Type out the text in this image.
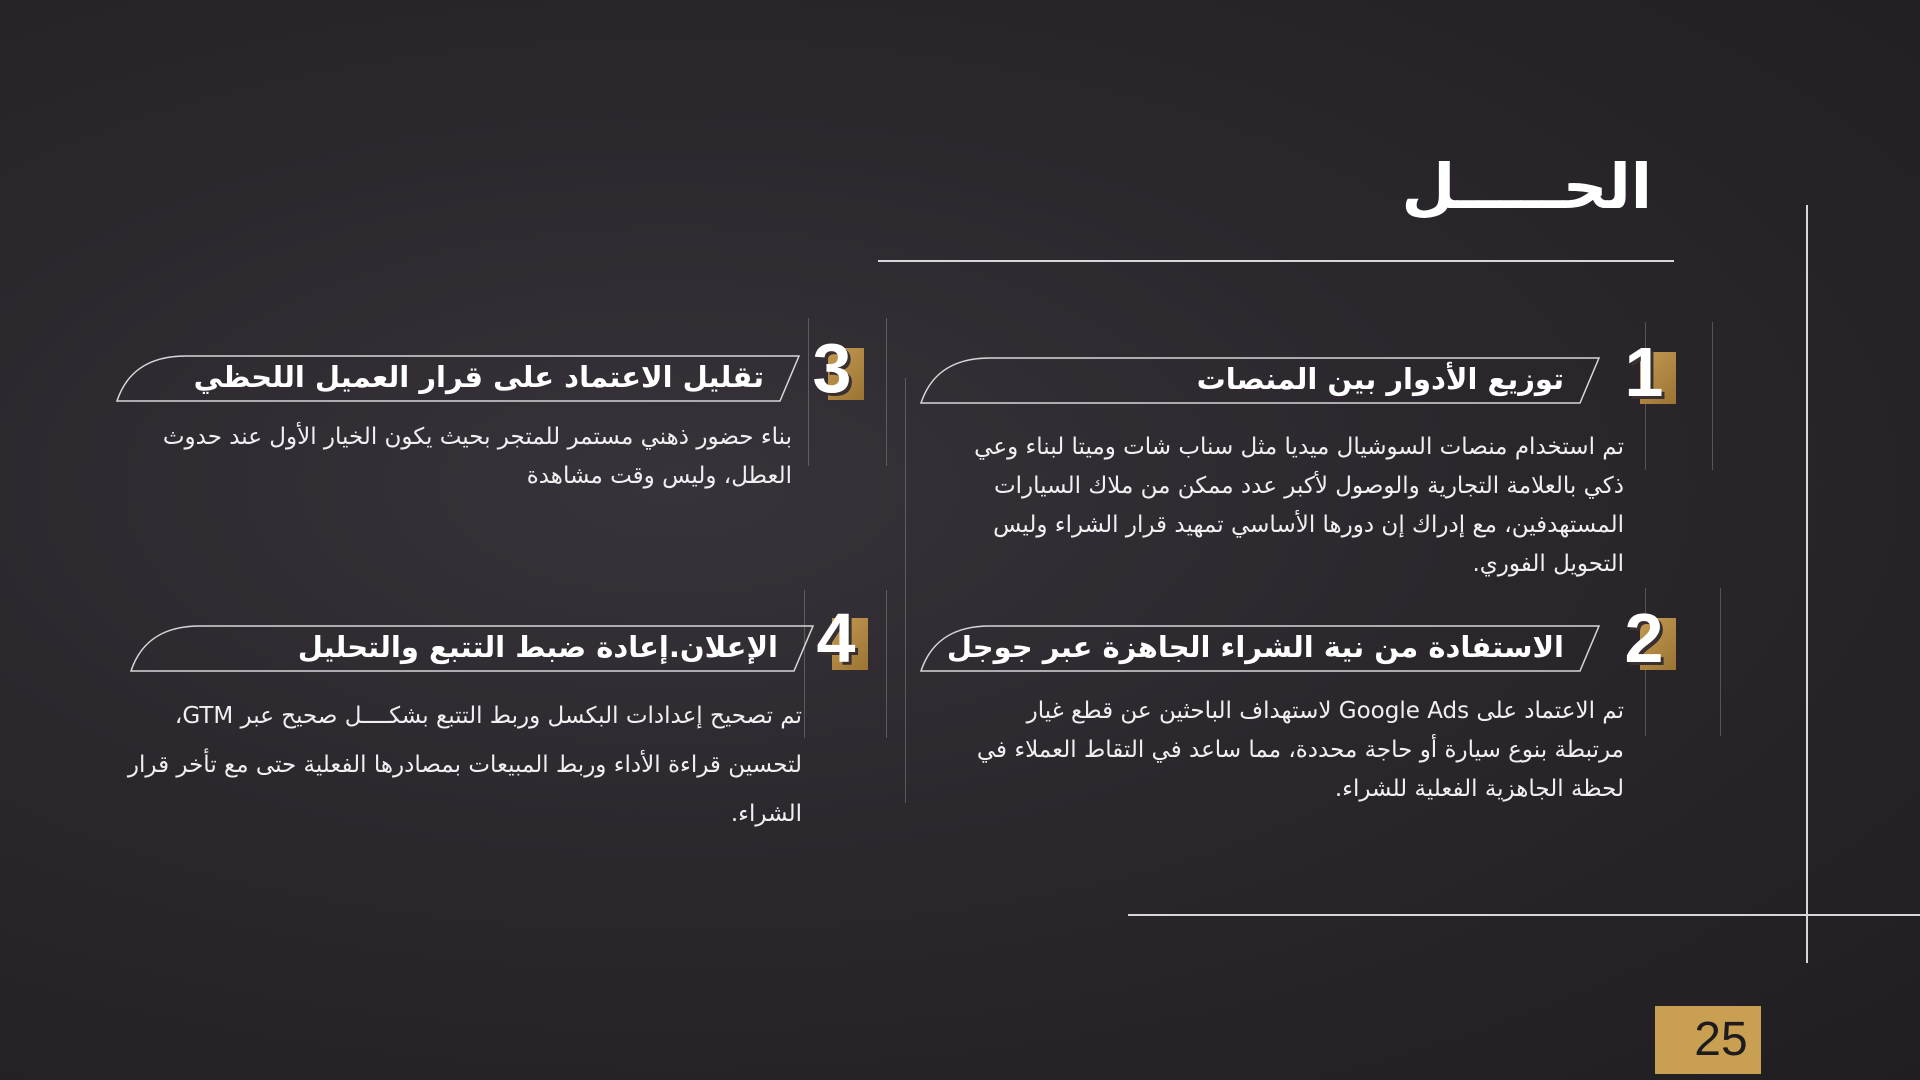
الحـــــل
1
توزيع الأدوار بين المنصات
تم استخدام منصات السوشيال ميديا مثل سناب شات وميتا لبناء وعي ذكي بالعلامة التجارية والوصول لأكبر عدد ممكن من ملاك السيارات المستهدفين، مع إدراك إن دورها الأساسي تمهيد قرار الشراء وليس التحويل الفوري.
2
الاستفادة من نية الشراء الجاهزة عبر جوجل
تم الاعتماد على Google Ads لاستهداف الباحثين عن قطع غيار مرتبطة بنوع سيارة أو حاجة محددة، مما ساعد في التقاط العملاء في لحظة الجاهزية الفعلية للشراء.
3
تقليل الاعتماد على قرار العميل اللحظي
بناء حضور ذهني مستمر للمتجر بحيث يكون الخيار الأول عند حدوث العطل، وليس وقت مشاهدة
4
الإعلان.إعادة ضبط التتبع والتحليل
تم تصحيح إعدادات البكسل وربط التتبع بشكــــل صحيح عبر GTM، لتحسين قراءة الأداء وربط المبيعات بمصادرها الفعلية حتى مع تأخر قرار الشراء.
25
